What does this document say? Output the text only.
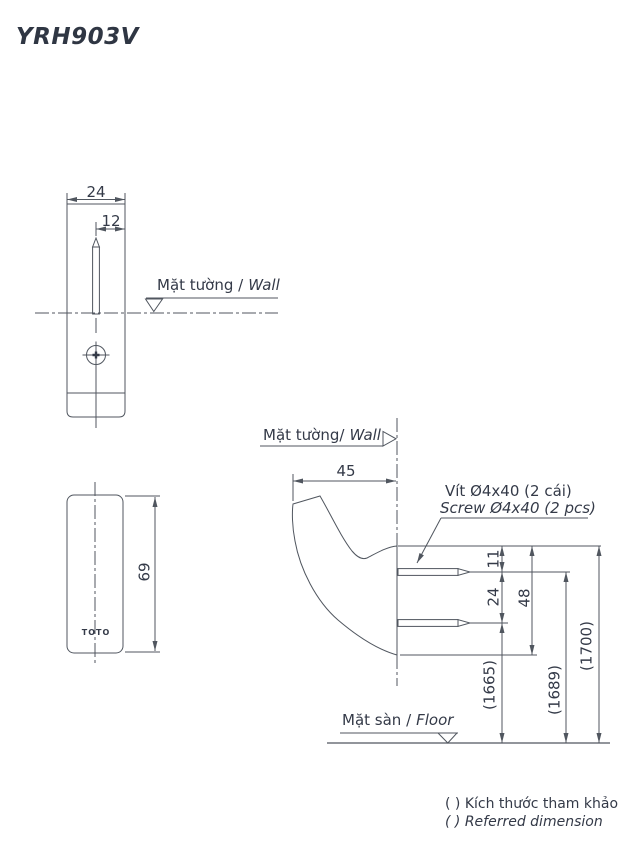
YRH903V
24
12
Mặt tường / Wall
69
TOTO
Mặt tường/ Wall
45
Vít Ø4x40 (2 cái)
Screw Ø4x40 (2 pcs)
11
24 48
(1665)	(1689)
(1700)
Mặt sàn / Floor
( ) Kích thước tham khảo
( ) Referred dimension
